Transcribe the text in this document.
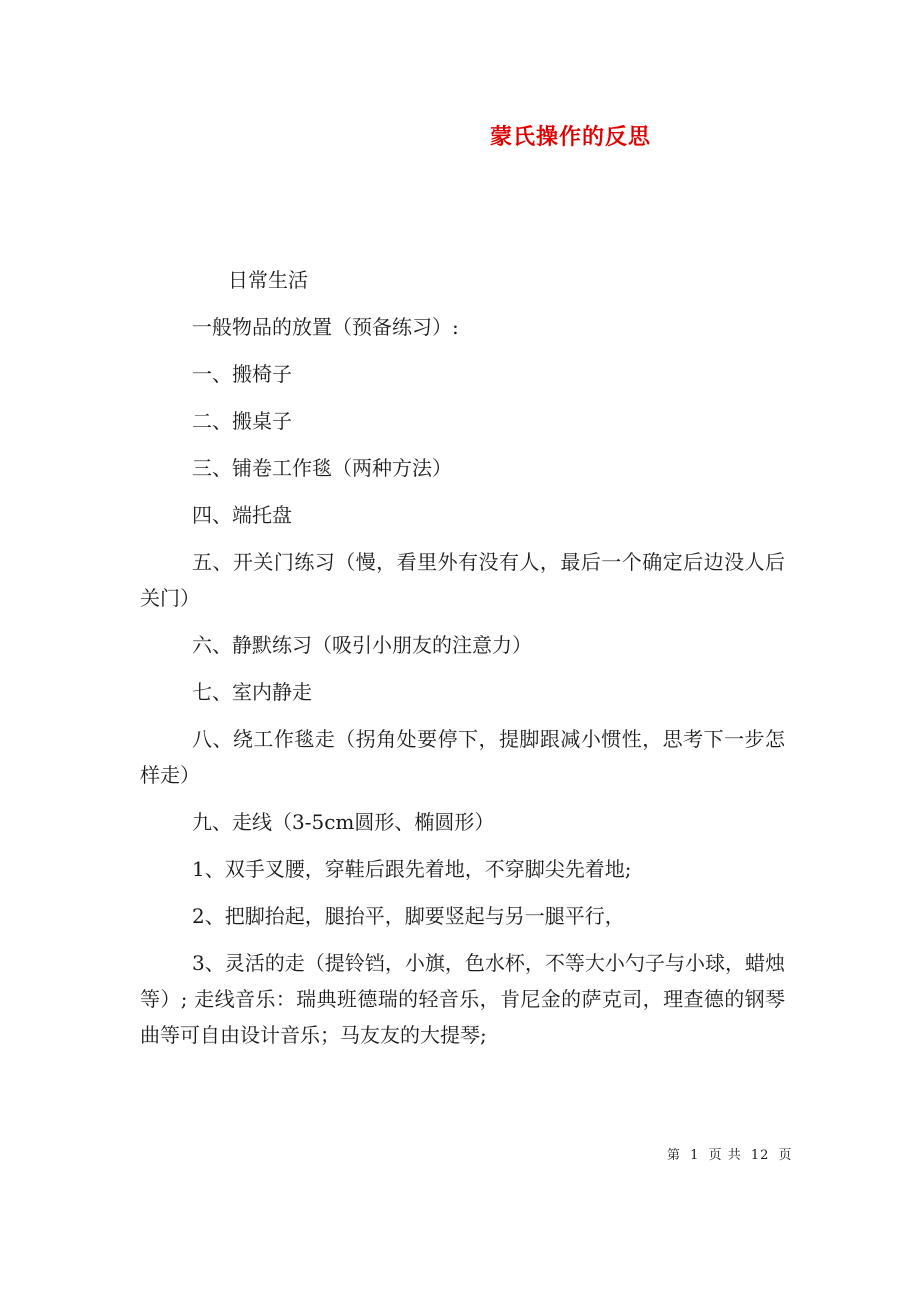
蒙氏操作的反思

日常生活

一般物品的放置（预备练习）:

一、搬椅子

二、搬桌子

三、铺卷工作毯（两种方法）

四、端托盘

五、开关门练习（慢，看里外有没有人，最后一个确定后边没人后关门）

六、静默练习（吸引小朋友的注意力）

七、室内静走

八、绕工作毯走（拐角处要停下，提脚跟减小惯性，思考下一步怎样走）

九、走线（3-5cm圆形、椭圆形）

1、双手叉腰，穿鞋后跟先着地，不穿脚尖先着地;

2、把脚抬起，腿抬平，脚要竖起与另一腿平行，

3、灵活的走（提铃铛，小旗，色水杯，不等大小勺子与小球，蜡烛等）; 走线音乐：瑞典班德瑞的轻音乐，肯尼金的萨克司，理查德的钢琴曲等可自由设计音乐；马友友的大提琴;

第 1 页 共 12 页
